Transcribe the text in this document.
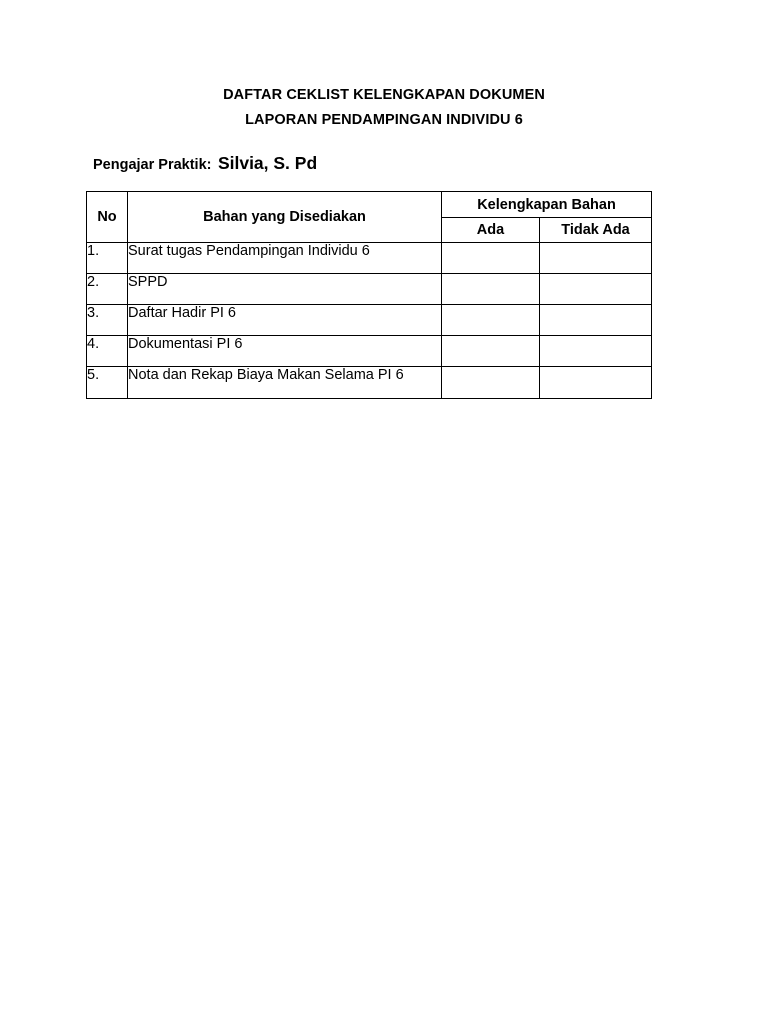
DAFTAR CEKLIST KELENGKAPAN DOKUMEN
LAPORAN PENDAMPINGAN INDIVIDU 6
Pengajar Praktik: Silvia, S. Pd
No	Bahan yang Disediakan	Kelengkapan Bahan	
		Ada	Tidak Ada
1.	Surat tugas Pendampingan Individu 6		
2.	SPPD		
3.	Daftar Hadir PI 6		
4.	Dokumentasi PI 6		
5.	Nota dan Rekap Biaya Makan Selama PI 6		
